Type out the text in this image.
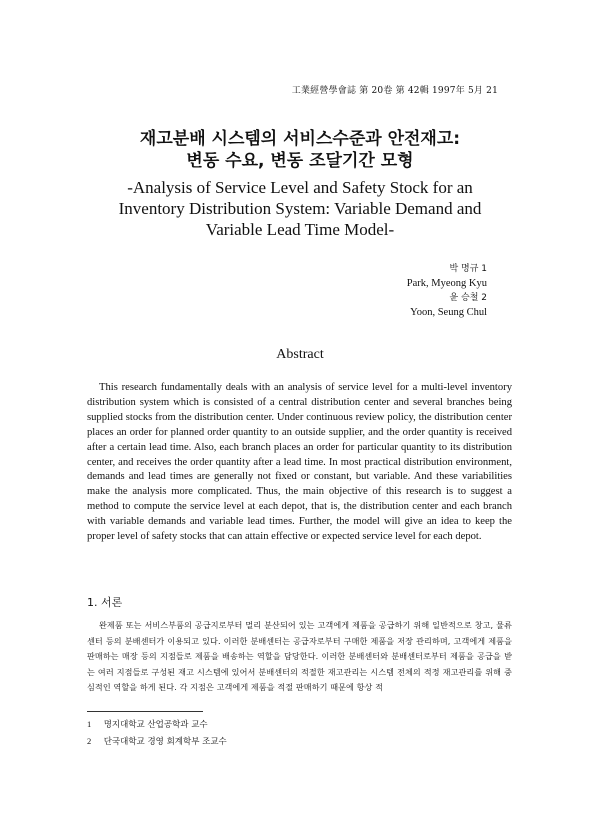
工業經營學會誌 第 20卷 第 42輯 1997年 5月 21
재고분배 시스템의 서비스수준과 안전재고:
변동 수요, 변동 조달기간 모형
-Analysis of Service Level and Safety Stock for an
Inventory Distribution System: Variable Demand and
Variable Lead Time Model-
박 명규 1
Park, Myeong Kyu
윤 승철 2
Yoon, Seung Chul
Abstract

This research fundamentally deals with an analysis of service level for a multi-level inventory distribution system which is consisted of a central distribution center and several branches being supplied stocks from the distribution center. Under continuous review policy, the distribution center places an order for planned order quantity to an outside supplier, and the order quantity is received after a certain lead time. Also, each branch places an order for particular quantity to its distribution center, and receives the order quantity after a lead time. In most practical distribution environment, demands and lead times are generally not fixed or constant, but variable. And these variabilities make the analysis more complicated. Thus, the main objective of this research is to suggest a method to compute the service level at each depot, that is, the distribution center and each branch with variable demands and variable lead times. Further, the model will give an idea to keep the proper level of safety stocks that can attain effective or expected service level for each depot.

1. 서론

완제품 또는 서비스부품의 공급지로부터 멀리 분산되어 있는 고객에게 제품을 공급하기 위해 일반적으로 창고, 물류센터 등의 분배센터가 이용되고 있다. 이러한 분배센터는 공급자로부터 구매한 제품을 저장 관리하며, 고객에게 제품을 판매하는 매장 등의 지점들로 제품을 배송하는 역할을 담당한다. 이러한 분배센터와 분배센터로부터 제품을 공급을 받는 여러 지점들로 구성된 재고 시스템에 있어서 분배센터의 적절한 재고관리는 시스템 전체의 적정 재고관리를 위해 중심적인 역할을 하게 된다. 각 지점은 고객에게 제품을 적절 판매하기 때문에 항상 적

1 명지대학교 산업공학과 교수
2 단국대학교 경영 회계학부 조교수
